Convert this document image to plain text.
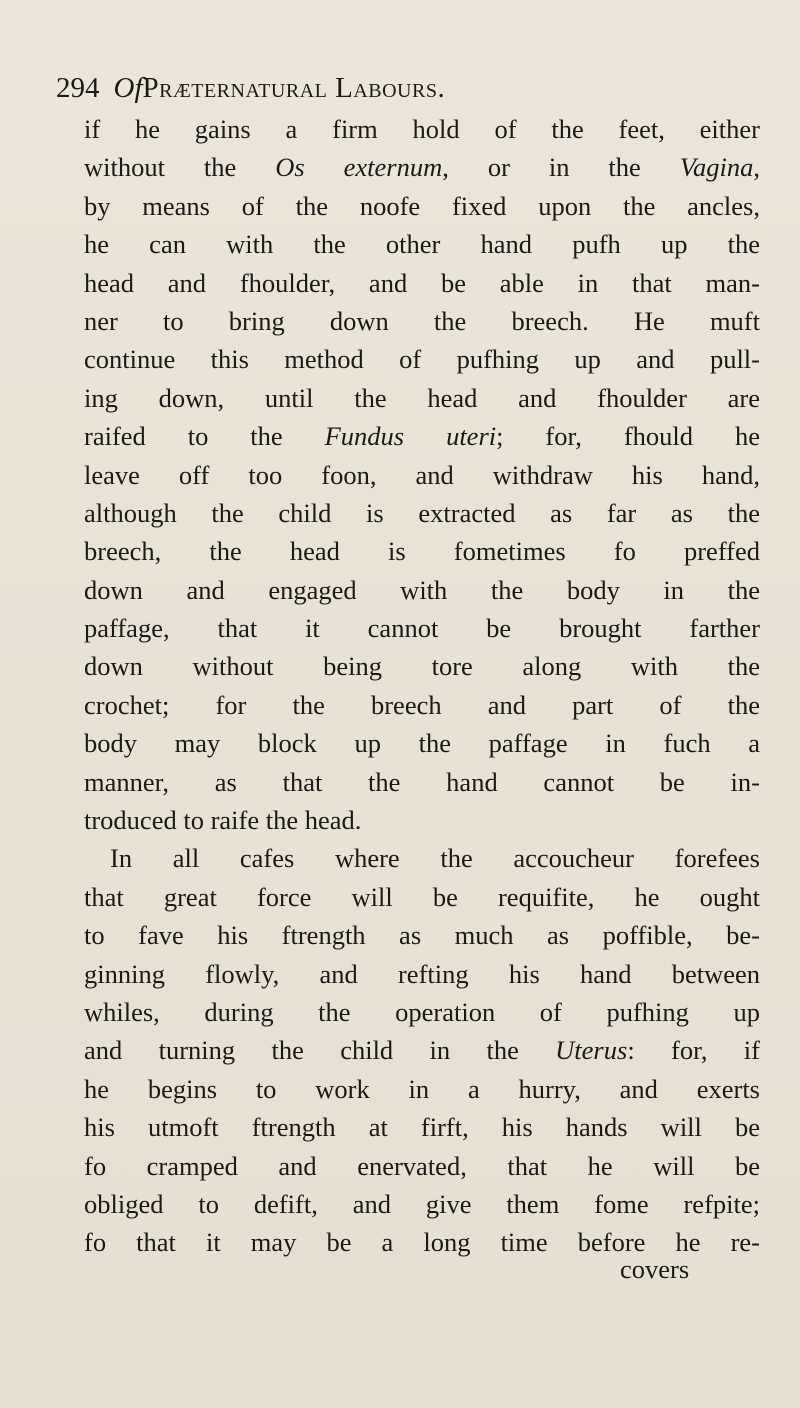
294 OfPræternatural Labours.
if he gains a firm hold of the feet, either
without the Os externum, or in the Vagina,
by means of the noofe fixed upon the ancles,
he can with the other hand pufh up the
head and fhoulder, and be able in that man-
ner to bring down the breech. He muft
continue this method of pufhing up and pull-
ing down, until the head and fhoulder are
raifed to the Fundus uteri; for, fhould he
leave off too foon, and withdraw his hand,
although the child is extracted as far as the
breech, the head is fometimes fo preffed
down and engaged with the body in the
paffage, that it cannot be brought farther
down without being tore along with the
crochet; for the breech and part of the
body may block up the paffage in fuch a
manner, as that the hand cannot be in-
troduced to raife the head.
In all cafes where the accoucheur forefees
that great force will be requifite, he ought
to fave his ftrength as much as poffible, be-
ginning flowly, and refting his hand between
whiles, during the operation of pufhing up
and turning the child in the Uterus: for, if
he begins to work in a hurry, and exerts
his utmoft ftrength at firft, his hands will be
fo cramped and enervated, that he will be
obliged to defift, and give them fome refpite;
fo that it may be a long time before he re-
covers
